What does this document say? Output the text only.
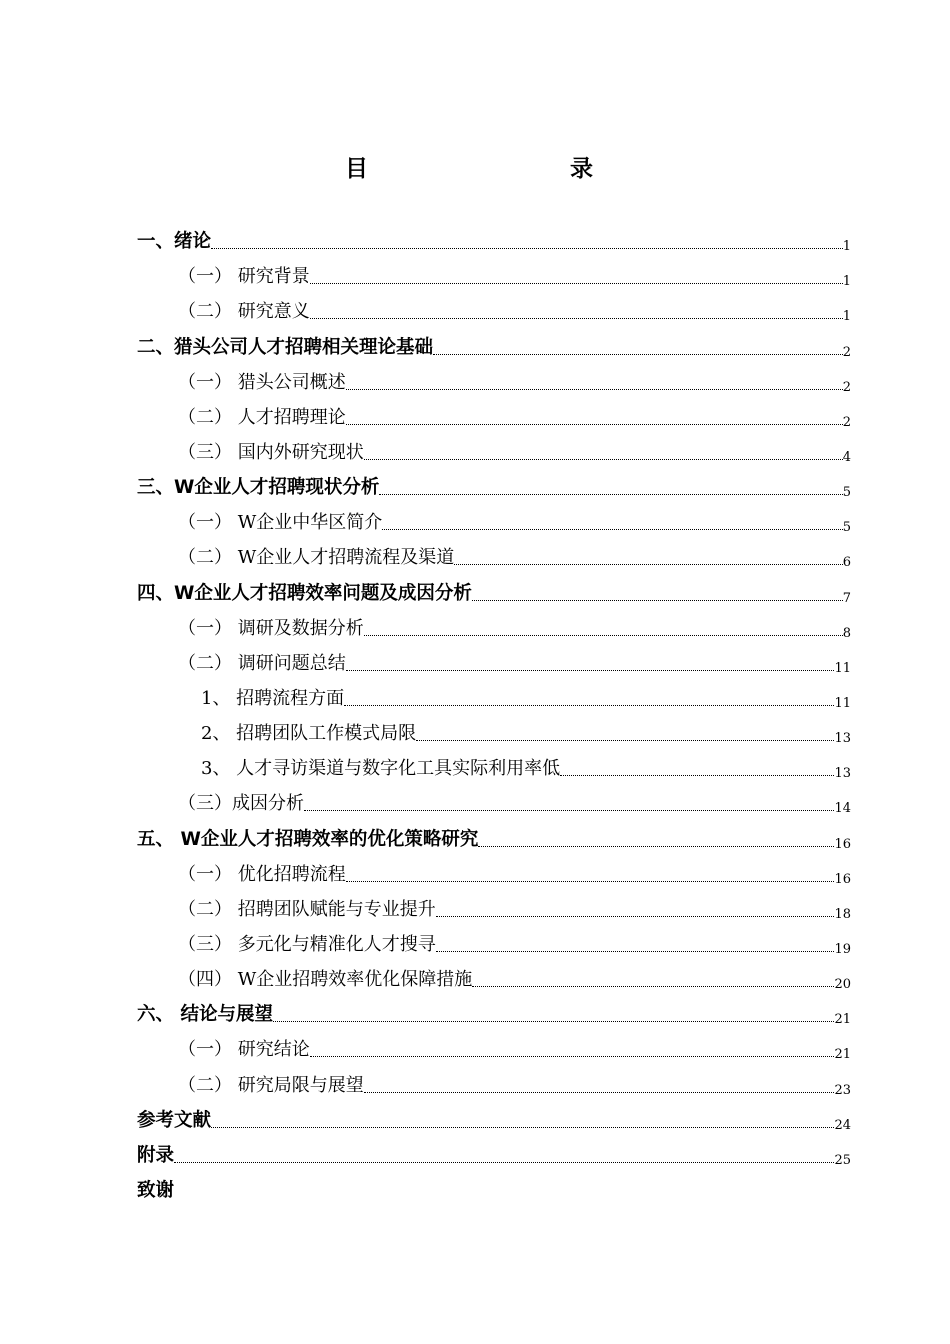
目　　录
一、绪论	1
（一） 研究背景	1
（二） 研究意义	1
二、猎头公司人才招聘相关理论基础	2
（一） 猎头公司概述	2
（二） 人才招聘理论	2
（三） 国内外研究现状	4
三、W企业人才招聘现状分析	5
（一） W企业中华区简介	5
（二） W企业人才招聘流程及渠道	6
四、W企业人才招聘效率问题及成因分析	7
（一） 调研及数据分析	8
（二） 调研问题总结	11
1、 招聘流程方面	11
2、 招聘团队工作模式局限	13
3、 人才寻访渠道与数字化工具实际利用率低	13
（三）成因分析	14
五、 W企业人才招聘效率的优化策略研究	16
（一） 优化招聘流程	16
（二） 招聘团队赋能与专业提升	18
（三） 多元化与精准化人才搜寻	19
（四） W企业招聘效率优化保障措施	20
六、 结论与展望	21
（一） 研究结论	21
（二） 研究局限与展望	23
参考文献	24
附录	25
致谢
